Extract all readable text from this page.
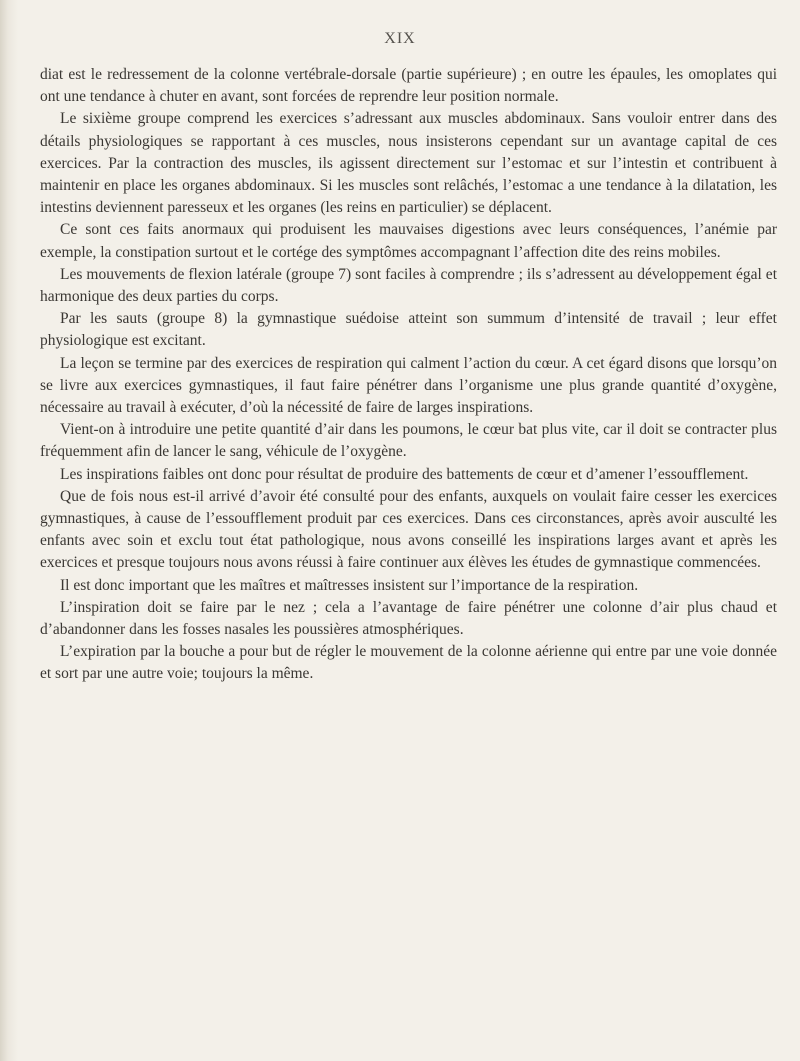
XIX

diat est le redressement de la colonne vertébrale-dorsale (partie supérieure) ; en outre les épaules, les omoplates qui ont une tendance à chuter en avant, sont forcées de reprendre leur position normale.

Le sixième groupe comprend les exercices s’adressant aux muscles abdominaux. Sans vouloir entrer dans des détails physiologiques se rapportant à ces muscles, nous insisterons cependant sur un avantage capital de ces exercices. Par la contraction des muscles, ils agissent directement sur l’estomac et sur l’intestin et contribuent à maintenir en place les organes abdominaux. Si les muscles sont relâchés, l’estomac a une tendance à la dilatation, les intestins deviennent paresseux et les organes (les reins en particulier) se déplacent.

Ce sont ces faits anormaux qui produisent les mauvaises digestions avec leurs conséquences, l’anémie par exemple, la constipation surtout et le cortége des symptômes accompagnant l’affection dite des reins mobiles.

Les mouvements de flexion latérale (groupe 7) sont faciles à comprendre ; ils s’adressent au développement égal et harmonique des deux parties du corps.

Par les sauts (groupe 8) la gymnastique suédoise atteint son summum d’intensité de travail ; leur effet physiologique est excitant.

La leçon se termine par des exercices de respiration qui calment l’action du cœur. A cet égard disons que lorsqu’on se livre aux exercices gymnastiques, il faut faire pénétrer dans l’organisme une plus grande quantité d’oxygène, nécessaire au travail à exécuter, d’où la nécessité de faire de larges inspirations.

Vient-on à introduire une petite quantité d’air dans les poumons, le cœur bat plus vite, car il doit se contracter plus fréquemment afin de lancer le sang, véhicule de l’oxygène.

Les inspirations faibles ont donc pour résultat de produire des battements de cœur et d’amener l’essoufflement.

Que de fois nous est-il arrivé d’avoir été consulté pour des enfants, auxquels on voulait faire cesser les exercices gymnastiques, à cause de l’essoufflement produit par ces exercices. Dans ces circonstances, après avoir ausculté les enfants avec soin et exclu tout état pathologique, nous avons conseillé les inspirations larges avant et après les exercices et presque toujours nous avons réussi à faire continuer aux élèves les études de gymnastique commencées.

Il est donc important que les maîtres et maîtresses insistent sur l’importance de la respiration.

L’inspiration doit se faire par le nez ; cela a l’avantage de faire pénétrer une colonne d’air plus chaud et d’abandonner dans les fosses nasales les poussières atmosphériques.

L’expiration par la bouche a pour but de régler le mouvement de la colonne aérienne qui entre par une voie donnée et sort par une autre voie; toujours la même.
